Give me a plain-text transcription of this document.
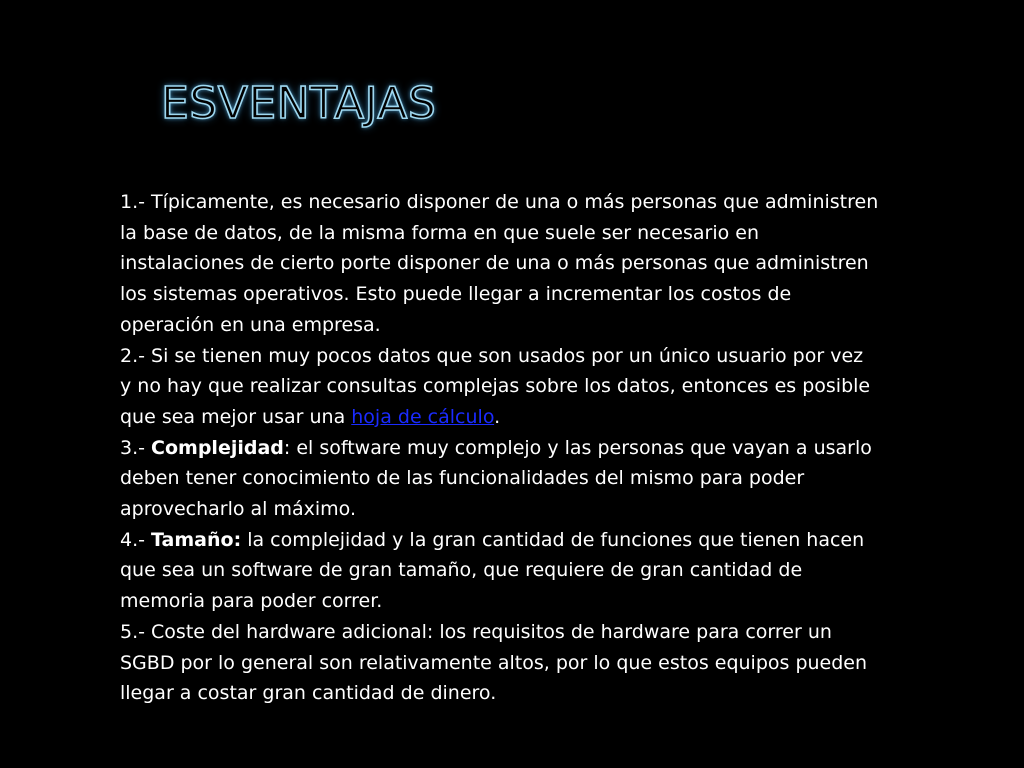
ESVENTAJAS

1.- Típicamente, es necesario disponer de una o más personas que administren la base de datos, de la misma forma en que suele ser necesario en instalaciones de cierto porte disponer de una o más personas que administren los sistemas operativos. Esto puede llegar a incrementar los costos de operación en una empresa.

2.- Si se tienen muy pocos datos que son usados por un único usuario por vez y no hay que realizar consultas complejas sobre los datos, entonces es posible que sea mejor usar una hoja de cálculo.

3.- Complejidad: el software muy complejo y las personas que vayan a usarlo deben tener conocimiento de las funcionalidades del mismo para poder aprovecharlo al máximo.

4.- Tamaño: la complejidad y la gran cantidad de funciones que tienen hacen que sea un software de gran tamaño, que requiere de gran cantidad de memoria para poder correr.

5.- Coste del hardware adicional: los requisitos de hardware para correr un SGBD por lo general son relativamente altos, por lo que estos equipos pueden llegar a costar gran cantidad de dinero.
